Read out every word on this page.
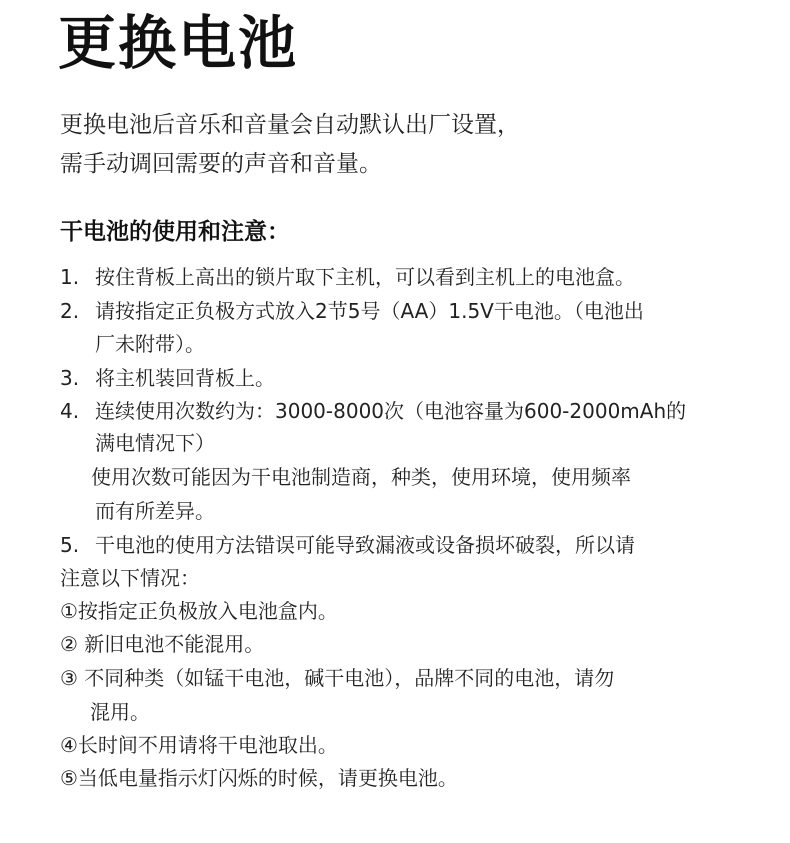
更换电池
更换电池后音乐和音量会自动默认出厂设置，
需手动调回需要的声音和音量。
干电池的使用和注意：
1. 按住背板上高出的锁片取下主机，可以看到主机上的电池盒。
2. 请按指定正负极方式放入2节5号（AA）1.5V干电池。（电池出
厂未附带）。
3. 将主机装回背板上。
4. 连续使用次数约为：3000-8000次（电池容量为600-2000mAh的
满电情况下）
使用次数可能因为干电池制造商，种类，使用环境，使用频率
而有所差异。
5. 干电池的使用方法错误可能导致漏液或设备损坏破裂，所以请
注意以下情况：
①按指定正负极放入电池盒内。
② 新旧电池不能混用。
③ 不同种类（如锰干电池，碱干电池），品牌不同的电池，请勿
混用。
④长时间不用请将干电池取出。
⑤当低电量指示灯闪烁的时候，请更换电池。
